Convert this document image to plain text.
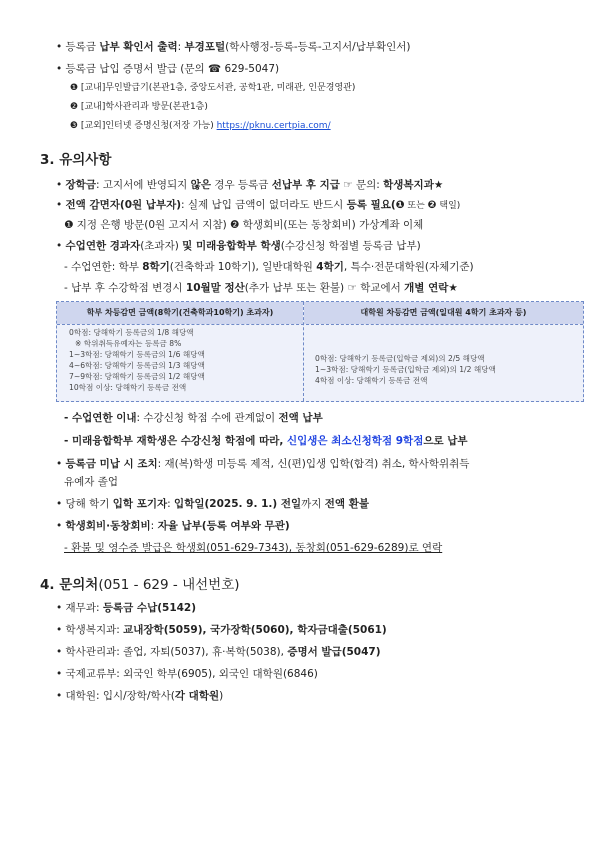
• 등록금 납부 확인서 출력: 부경포털(학사행정-등록-등록-고지서/납부확인서)
• 등록금 납입 증명서 발급 (문의 ☎ 629-5047)
❶ [교내]무인발급기(본관1층, 중앙도서관, 공학1관, 미래관, 인문경영관)
❷ [교내]학사관리과 방문(본관1층)
❸ [교외]인터넷 증명신청(저장 가능) https://pknu.certpia.com/
3. 유의사항
• 장학금: 고지서에 반영되지 않은 경우 등록금 선납부 후 지급 ☞ 문의: 학생복지과★
• 전액 감면자(0원 납부자): 실제 납입 금액이 없더라도 반드시 등록 필요(❶ 또는 ❷ 택일)
❶ 지정 은행 방문(0원 고지서 지참) ❷ 학생회비(또는 동창회비) 가상계좌 이체
• 수업연한 경과자(초과자) 및 미래융합학부 학생(수강신청 학점별 등록금 납부)
- 수업연한: 학부 8학기(건축학과 10학기), 일반대학원 4학기, 특수·전문대학원(자체기준)
- 납부 후 수강학점 변경시 10월말 정산(추가 납부 또는 환불) ☞ 학교에서 개별 연락★
학부 차등감면 금액(8학기(건축학과10학기) 초과자)	대학원 차등감면 금액(일대원 4학기 초과자 등)
0학점: 당해학기 등록금의 1/8 해당액
※ 학위취득유예자는 등록금 8%
1~3학점: 당해학기 등록금의 1/6 해당액
4~6학점: 당해학기 등록금의 1/3 해당액
7~9학점: 당해학기 등록금의 1/2 해당액
10학점 이상: 당해학기 등록금 전액
0학점: 당해학기 등록금(입학금 제외)의 2/5 해당액
1~3학점: 당해학기 등록금(입학금 제외)의 1/2 해당액
4학점 이상: 당해학기 등록금 전액
- 수업연한 이내: 수강신청 학점 수에 관계없이 전액 납부
- 미래융합학부 재학생은 수강신청 학점에 따라, 신입생은 최소신청학점 9학점으로 납부
• 등록금 미납 시 조치: 재(복)학생 미등록 제적, 신(편)입생 입학(합격) 취소, 학사학위취득
유예자 졸업
• 당해 학기 입학 포기자: 입학일(2025. 9. 1.) 전일까지 전액 환불
• 학생회비·동창회비: 자율 납부(등록 여부와 무관)
- 환불 및 영수증 발급은 학생회(051-629-7343), 동창회(051-629-6289)로 연락
4. 문의처(051 - 629 - 내선번호)
• 재무과: 등록금 수납(5142)
• 학생복지과: 교내장학(5059), 국가장학(5060), 학자금대출(5061)
• 학사관리과: 졸업, 자퇴(5037), 휴·복학(5038), 증명서 발급(5047)
• 국제교류부: 외국인 학부(6905), 외국인 대학원(6846)
• 대학원: 입시/장학/학사(각 대학원)
